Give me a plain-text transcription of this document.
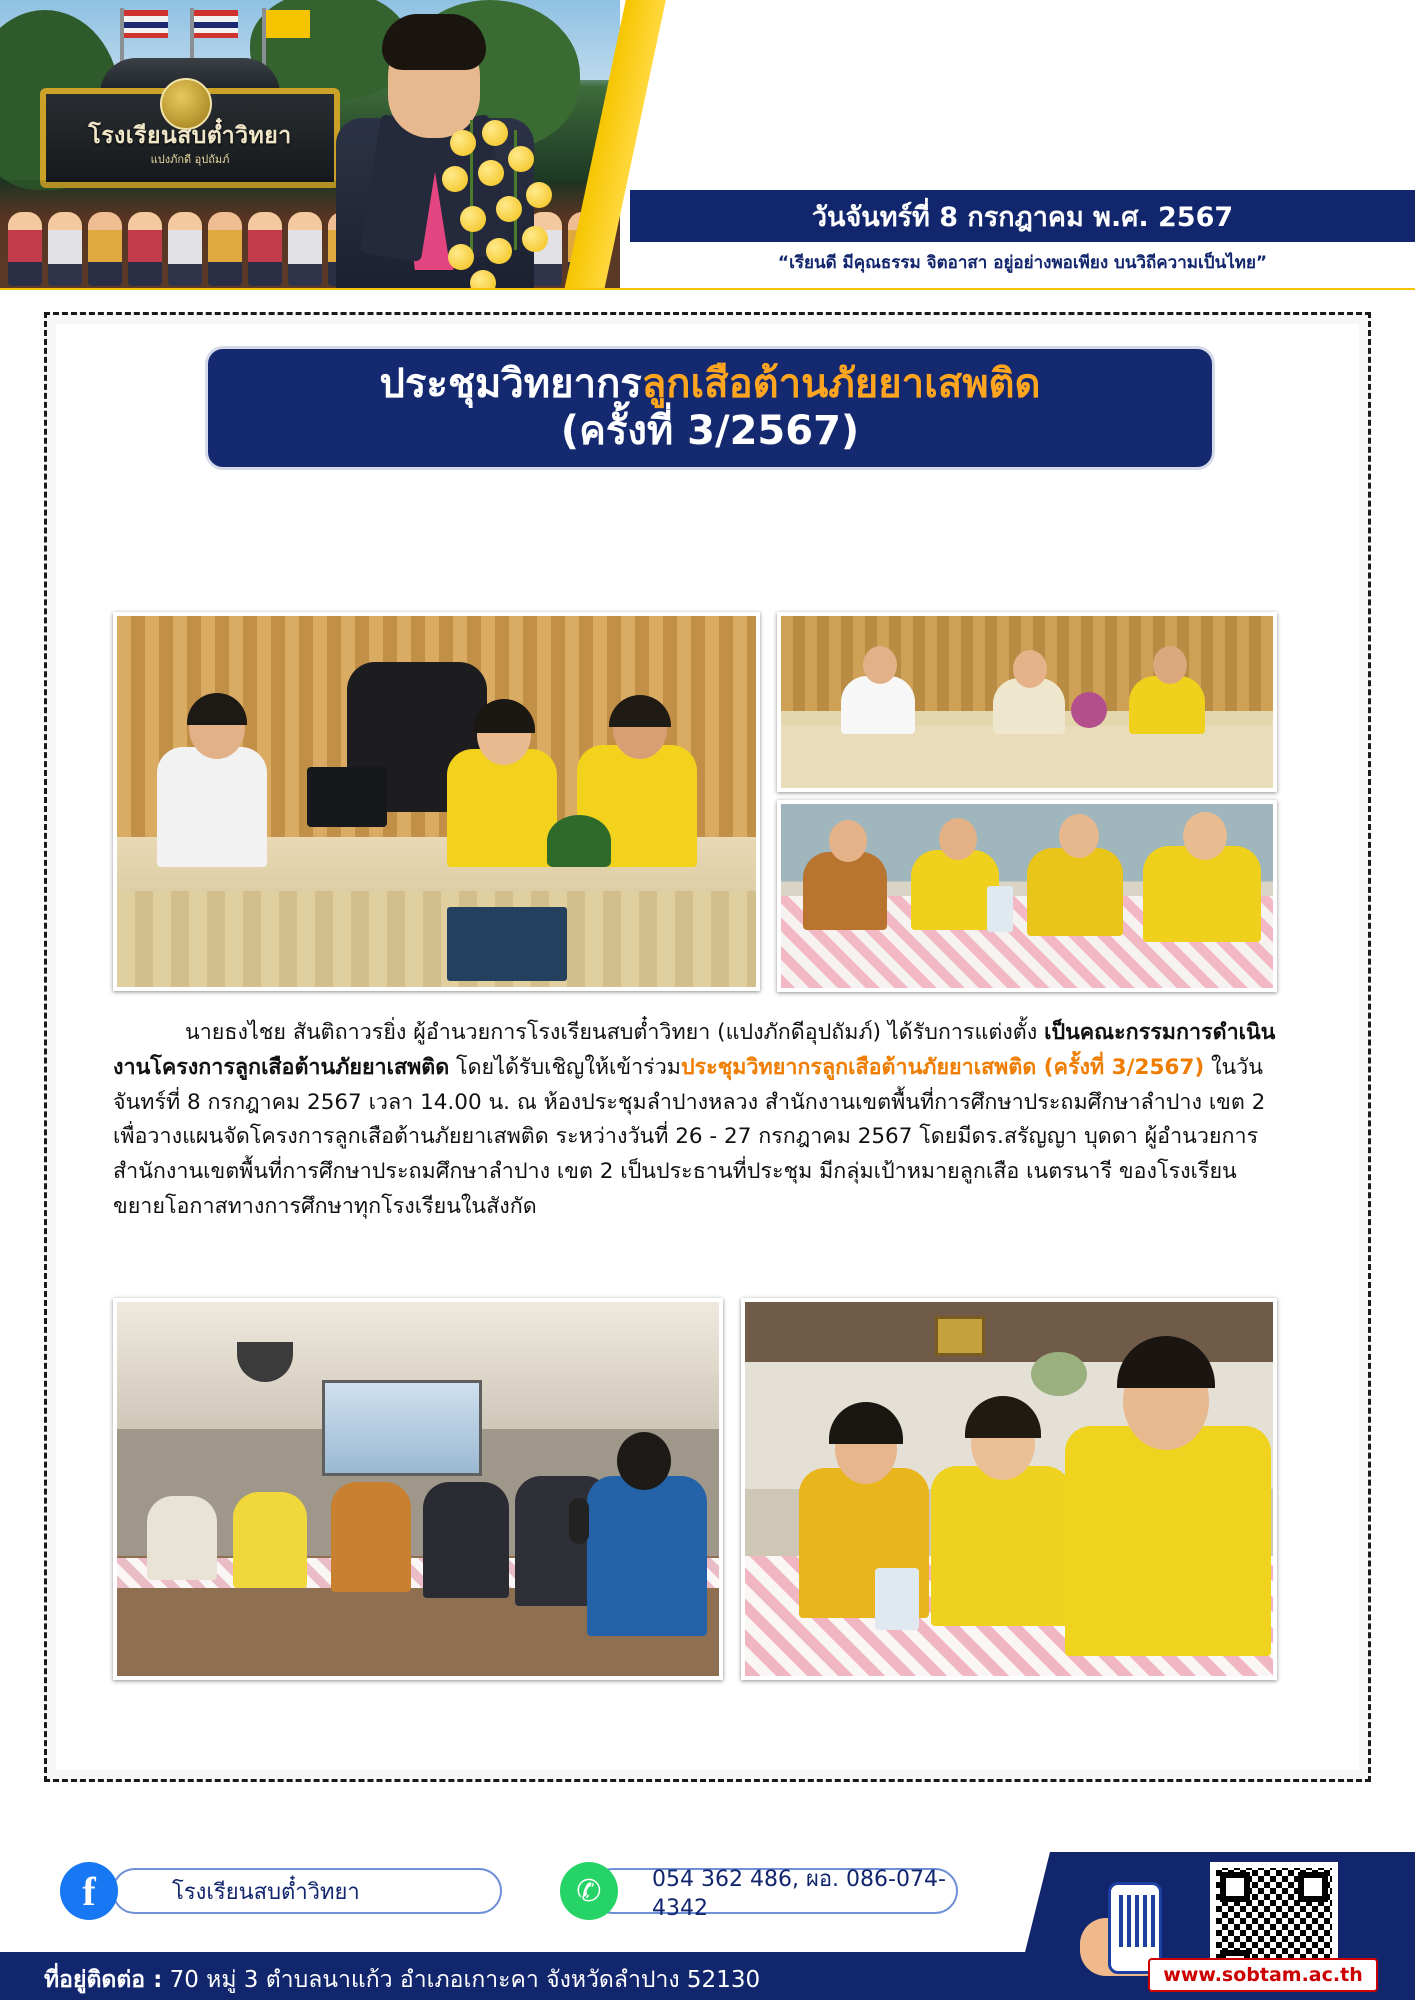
โรงเรียนสบต๋ำวิทยา
แปงภักดี อุปถัมภ์
วันจันทร์ที่ 8 กรกฎาคม พ.ศ. 2567
“เรียนดี มีคุณธรรม จิตอาสา อยู่อย่างพอเพียง บนวิถีความเป็นไทย”
ประชุมวิทยากรลูกเสือต้านภัยยาเสพติด
(ครั้งที่ 3/2567)
นายธงไชย สันติถาวรยิ่ง ผู้อำนวยการโรงเรียนสบต๋ำวิทยา (แปงภักดีอุปถัมภ์) ได้รับการแต่งตั้ง เป็นคณะกรรมการดำเนินงานโครงการลูกเสือต้านภัยยาเสพติด โดยได้รับเชิญให้เข้าร่วมประชุมวิทยากรลูกเสือต้านภัยยาเสพติด (ครั้งที่ 3/2567) ในวันจันทร์ที่ 8 กรกฎาคม 2567 เวลา 14.00 น. ณ ห้องประชุมลำปางหลวง สำนักงานเขตพื้นที่การศึกษาประถมศึกษาลำปาง เขต 2 เพื่อวางแผนจัดโครงการลูกเสือต้านภัยยาเสพติด ระหว่างวันที่ 26 - 27 กรกฎาคม 2567 โดยมีดร.สรัญญา บุดดา ผู้อำนวยการสำนักงานเขตพื้นที่การศึกษาประถมศึกษาลำปาง เขต 2 เป็นประธานที่ประชุม มีกลุ่มเป้าหมายลูกเสือ เนตรนารี ของโรงเรียนขยายโอกาสทางการศึกษาทุกโรงเรียนในสังกัด
โรงเรียนสบต๋ำวิทยา
f	054 362 486, ผอ. 086-074-4342
✆
www.sobtam.ac.th
ที่อยู่ติดต่อ : 70 หมู่ 3 ตำบลนาแก้ว อำเภอเกาะคา จังหวัดลำปาง 52130
